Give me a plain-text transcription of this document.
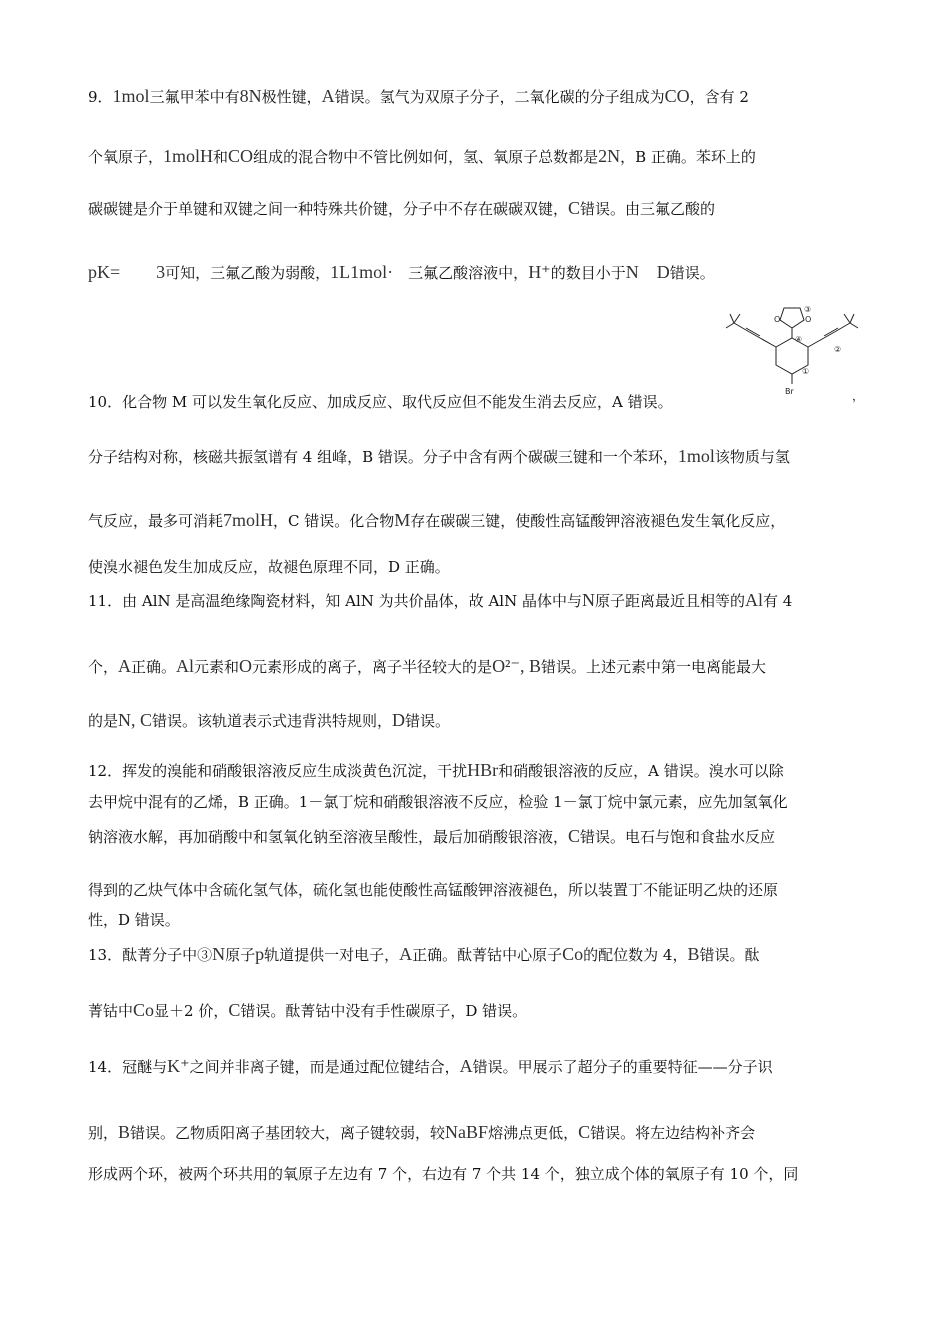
9．1mol三氟甲苯中有8N极性键，A错误。氢气为双原子分子，二氧化碳的分子组成为CO，含有 2
个氧原子，1molH和CO组成的混合物中不管比例如何，氢、氧原子总数都是2N，B 正确。苯环上的
碳碳键是介于单键和双键之间一种特殊共价键，分子中不存在碳碳双键，C错误。由三氟乙酸的
pK=　　3可知，三氟乙酸为弱酸，1L1mol·　三氟乙酸溶液中，H⁺的数目小于N　D错误。
10．化合物 M 可以发生氧化反应、加成反应、取代反应但不能发生消去反应，A 错误。
分子结构对称，核磁共振氢谱有 4 组峰，B 错误。分子中含有两个碳碳三键和一个苯环，1mol该物质与氢
气反应，最多可消耗7molH，C 错误。化合物M存在碳碳三键，使酸性高锰酸钾溶液褪色发生氧化反应，
使溴水褪色发生加成反应，故褪色原理不同，D 正确。
11．由 AlN 是高温绝缘陶瓷材料，知 AlN 为共价晶体，故 AlN 晶体中与N原子距离最近且相等的Al有 4
个，A正确。Al元素和O元素形成的离子，离子半径较大的是O²⁻, B错误。上述元素中第一电离能最大
的是N, C错误。该轨道表示式违背洪特规则，D错误。
12．挥发的溴能和硝酸银溶液反应生成淡黄色沉淀，干扰HBr和硝酸银溶液的反应，A 错误。溴水可以除
去甲烷中混有的乙烯，B 正确。1－氯丁烷和硝酸银溶液不反应，检验 1－氯丁烷中氯元素，应先加氢氧化
钠溶液水解，再加硝酸中和氢氧化钠至溶液呈酸性，最后加硝酸银溶液，C错误。电石与饱和食盐水反应
得到的乙炔气体中含硫化氢气体，硫化氢也能使酸性高锰酸钾溶液褪色，所以装置丁不能证明乙炔的还原
性，D 错误。
13．酞菁分子中③N原子p轨道提供一对电子，A正确。酞菁钴中心原子Co的配位数为 4，B错误。酞
菁钴中Co显＋2 价，C错误。酞菁钴中没有手性碳原子，D 错误。
14．冠醚与K⁺之间并非离子键，而是通过配位键结合，A错误。甲展示了超分子的重要特征——分子识
别，B错误。乙物质阳离子基团较大，离子键较弱，较NaBF熔沸点更低，C错误。将左边结构补齐会
形成两个环，被两个环共用的氧原子左边有 7 个，右边有 7 个共 14 个，独立成个体的氧原子有 10 个，同
O	O
③
④
②
①
Br	，
